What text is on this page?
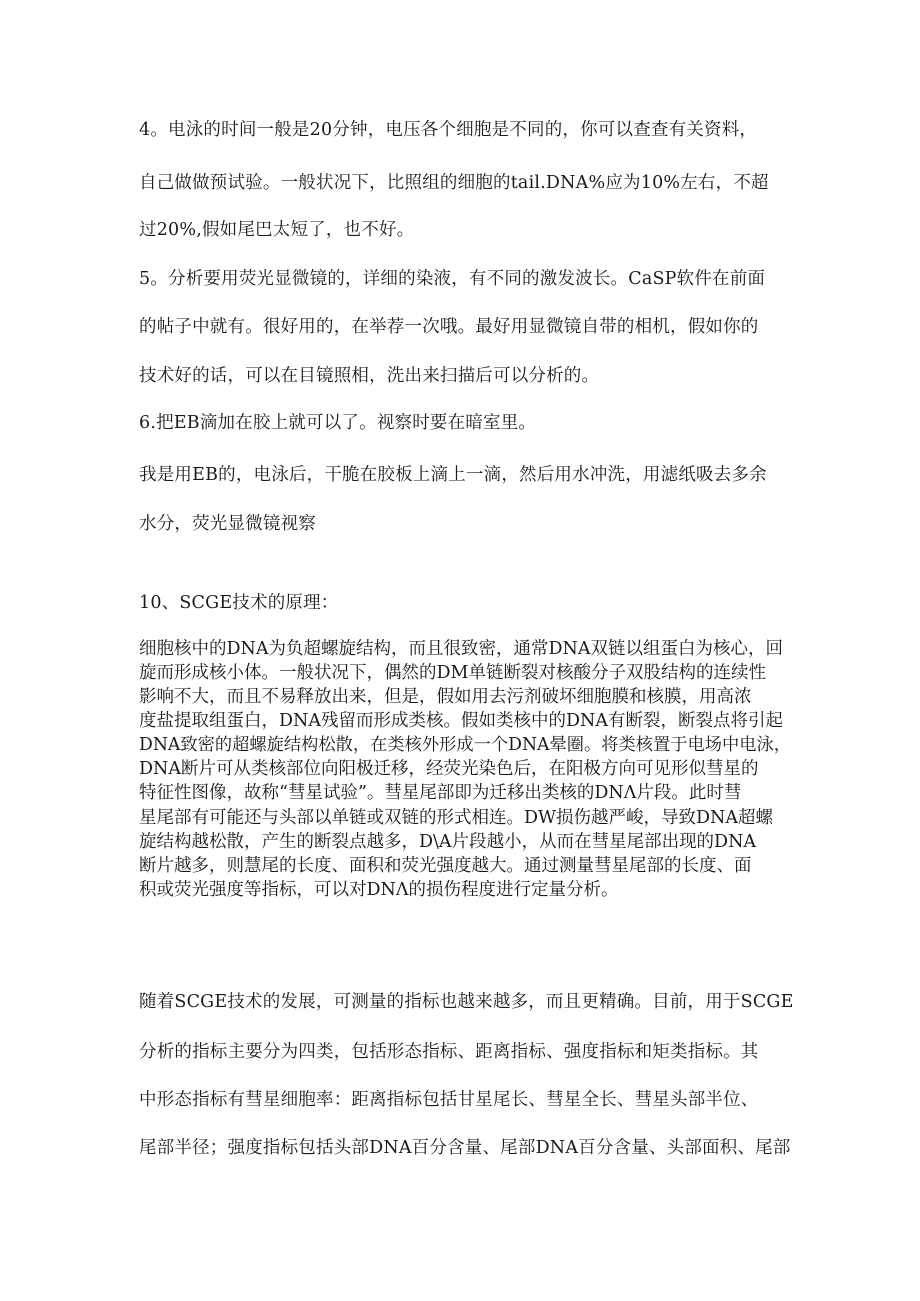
4。电泳的时间一般是20分钟，电压各个细胞是不同的，你可以查查有关资料，
自己做做预试验。一般状况下，比照组的细胞的tail.DNA%应为10%左右，不超
过20%,假如尾巴太短了，也不好。
5。分析要用荧光显微镜的，详细的染液，有不同的激发波长。CaSP软件在前面
的帖子中就有。很好用的，在举荐一次哦。最好用显微镜自带的相机，假如你的
技术好的话，可以在目镜照相，洗出来扫描后可以分析的。
6.把EB滴加在胶上就可以了。视察时要在暗室里。
我是用EB的，电泳后，干脆在胶板上滴上一滴，然后用水冲洗，用滤纸吸去多余
水分，荧光显微镜视察
10、SCGE技术的原理：
细胞核中的DNA为负超螺旋结构，而且很致密，通常DNA双链以组蛋白为核心，回
旋而形成核小体。一般状况下，偶然的DM单链断裂对核酸分子双股结构的连续性
影响不大，而且不易释放出来，但是，假如用去污剂破坏细胞膜和核膜，用高浓
度盐提取组蛋白，DNA残留而形成类核。假如类核中的DNA有断裂，断裂点将引起
DNA致密的超螺旋结构松散，在类核外形成一个DNA晕圈。将类核置于电场中电泳，
DNA断片可从类核部位向阳极迁移，经荧光染色后，在阳极方向可见形似彗星的
特征性图像，故称“彗星试验”。彗星尾部即为迁移出类核的DNΛ片段。此时彗
星尾部有可能还与头部以单链或双链的形式相连。DW损伤越严峻，导致DNA超螺
旋结构越松散，产生的断裂点越多，D\A片段越小，从而在彗星尾部出现的DNA
断片越多，则慧尾的长度、面积和荧光强度越大。通过测量彗星尾部的长度、面
积或荧光强度等指标，可以对DNΛ的损伤程度进行定量分析。
随着SCGE技术的发展，可测量的指标也越来越多，而且更精确。目前，用于SCGE
分析的指标主要分为四类，包括形态指标、距离指标、强度指标和矩类指标。其
中形态指标有彗星细胞率：距离指标包括甘星尾长、彗星全长、彗星头部半位、
尾部半径；强度指标包括头部DNA百分含量、尾部DNA百分含量、头部面积、尾部
